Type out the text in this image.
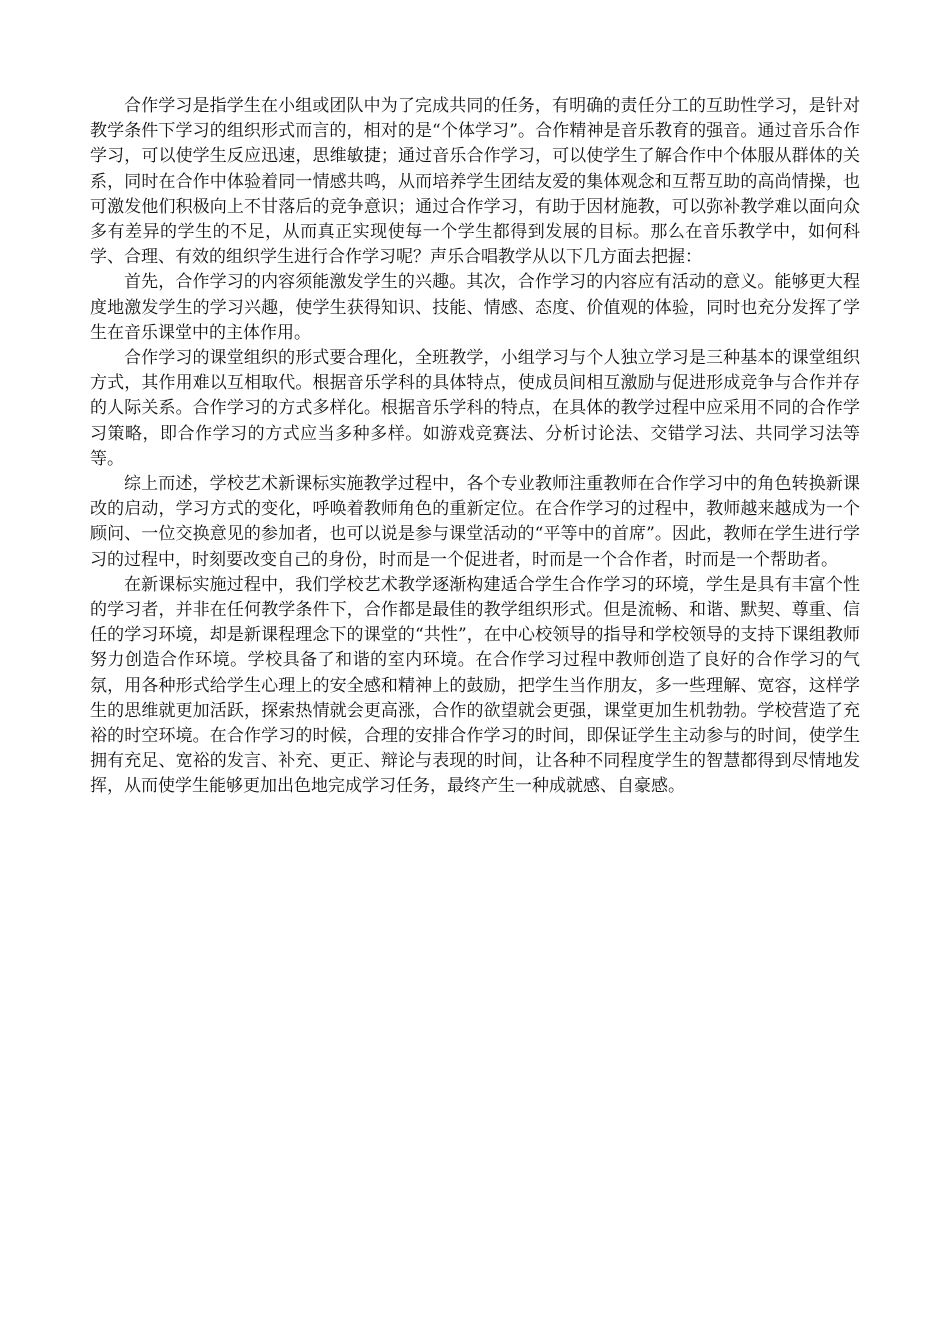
合作学习是指学生在小组或团队中为了完成共同的任务，有明确的责任分工的互助性学习，是针对教学条件下学习的组织形式而言的，相对的是“个体学习”。合作精神是音乐教育的强音。通过音乐合作学习，可以使学生反应迅速，思维敏捷；通过音乐合作学习，可以使学生了解合作中个体服从群体的关系，同时在合作中体验着同一情感共鸣，从而培养学生团结友爱的集体观念和互帮互助的高尚情操，也可激发他们积极向上不甘落后的竞争意识；通过合作学习，有助于因材施教，可以弥补教学难以面向众多有差异的学生的不足，从而真正实现使每一个学生都得到发展的目标。那么在音乐教学中，如何科学、合理、有效的组织学生进行合作学习呢？声乐合唱教学从以下几方面去把握：

首先，合作学习的内容须能激发学生的兴趣。其次，合作学习的内容应有活动的意义。能够更大程度地激发学生的学习兴趣，使学生获得知识、技能、情感、态度、价值观的体验，同时也充分发挥了学生在音乐课堂中的主体作用。

合作学习的课堂组织的形式要合理化，全班教学，小组学习与个人独立学习是三种基本的课堂组织方式，其作用难以互相取代。根据音乐学科的具体特点，使成员间相互激励与促进形成竞争与合作并存的人际关系。合作学习的方式多样化。根据音乐学科的特点，在具体的教学过程中应采用不同的合作学习策略，即合作学习的方式应当多种多样。如游戏竞赛法、分析讨论法、交错学习法、共同学习法等等。

综上而述，学校艺术新课标实施教学过程中，各个专业教师注重教师在合作学习中的角色转换新课改的启动，学习方式的变化，呼唤着教师角色的重新定位。在合作学习的过程中，教师越来越成为一个顾问、一位交换意见的参加者，也可以说是参与课堂活动的“平等中的首席”。因此，教师在学生进行学习的过程中，时刻要改变自己的身份，时而是一个促进者，时而是一个合作者，时而是一个帮助者。

在新课标实施过程中，我们学校艺术教学逐渐构建适合学生合作学习的环境，学生是具有丰富个性的学习者，并非在任何教学条件下，合作都是最佳的教学组织形式。但是流畅、和谐、默契、尊重、信任的学习环境，却是新课程理念下的课堂的“共性”，在中心校领导的指导和学校领导的支持下课组教师努力创造合作环境。学校具备了和谐的室内环境。在合作学习过程中教师创造了良好的合作学习的气氛，用各种形式给学生心理上的安全感和精神上的鼓励，把学生当作朋友，多一些理解、宽容，这样学生的思维就更加活跃，探索热情就会更高涨，合作的欲望就会更强，课堂更加生机勃勃。学校营造了充裕的时空环境。在合作学习的时候，合理的安排合作学习的时间，即保证学生主动参与的时间，使学生拥有充足、宽裕的发言、补充、更正、辩论与表现的时间，让各种不同程度学生的智慧都得到尽情地发挥，从而使学生能够更加出色地完成学习任务，最终产生一种成就感、自豪感。
